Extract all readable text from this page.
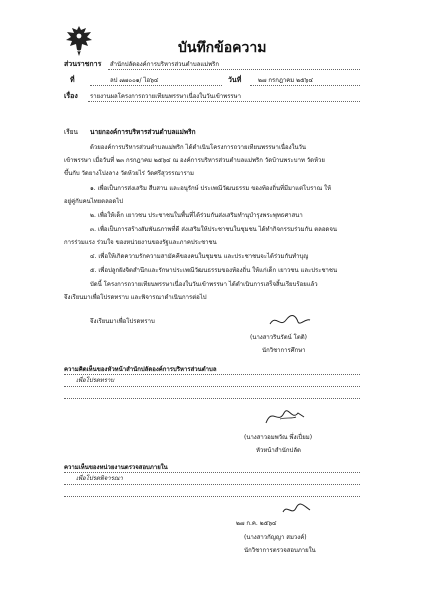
บันทึกข้อความ
ส่วนราชการ สำนักปลัดองค์การบริหารส่วนตำบลแม่พริก
ที่	ลป ๗๗๐๐๑/ ไอ๖๔	วันที่	๒๗ กรกฎาคม ๒๕๖๔
เรื่อง รายงานผลโครงการถวายเทียนพรรษาเนื่องในวันเข้าพรรษา
เรียน นายกองค์การบริหารส่วนตำบลแม่พริก
ด้วยองค์การบริหารส่วนตำบลแม่พริก ได้ดำเนินโครงการถวายเทียนพรรษาเนื่องในวัน
เข้าพรรษา เมื่อวันที่ ๒๓ กรกฎาคม ๒๕๖๔ ณ องค์การบริหารส่วนตำบลแม่พริก วัดบ้านพระบาท วัดห้วย
ขึ้นกับ วัดยางโปงลาง วัดห้วยไร่ วัดศรีสุวรรณาราม
๑. เพื่อเป็นการส่งเสริม สืบสาน และอนุรักษ์ ประเพณีวัฒนธรรม ของท้องถิ่นที่มีมาแต่โบราณ ให้
อยู่คู่กับคนไทยตลอดไป
๒. เพื่อให้เด็ก เยาวชน ประชาชนในพื้นที่ได้ร่วมกันส่งเสริมทำนุบำรุงพระพุทธศาสนา
๓. เพื่อเป็นการสร้างสัมพันธภาพที่ดี ส่งเสริมให้ประชาชนในชุมชน ได้ทำกิจกรรมร่วมกัน ตลอดจน
การร่วมแรง ร่วมใจ ของหน่วยงานของรัฐและภาคประชาชน
๔. เพื่อให้เกิดความรักความสามัคคีของคนในชุมชน และประชาชนจะได้ร่วมกันทำบุญ
๕. เพื่อปลูกฝังจิตสำนึกและรักษาประเพณีวัฒนธรรมของท้องถิ่น ให้แก่เด็ก เยาวชน และประชาชน
บัดนี้ โครงการถวายเทียนพรรษาเนื่องในวันเข้าพรรษา ได้ดำเนินการเสร็จสิ้นเรียบร้อยแล้ว
จึงเรียนมาเพื่อโปรดทราบ และพิจารณาดำเนินการต่อไป
จึงเรียนมาเพื่อโปรดทราบ
(นางสาวรินรัตน์ โตติ)
นักวิชาการศึกษา
ความคิดเห็นของหัวหน้าสำนักปลัดองค์การบริหารส่วนตำบล
เพื่อโปรดทราบ
(นางสาวอมพวัณ พึ่งเปี่ยม)
หัวหน้าสำนักปลัด
ความเห็นของหน่วยงานตรวจสอบภายใน
เพื่อโปรดพิจารณา
๒๗ ก.ค. ๒๕๖๔
(นางสาวกัญญา สมวงค์)
นักวิชาการตรวจสอบภายใน
